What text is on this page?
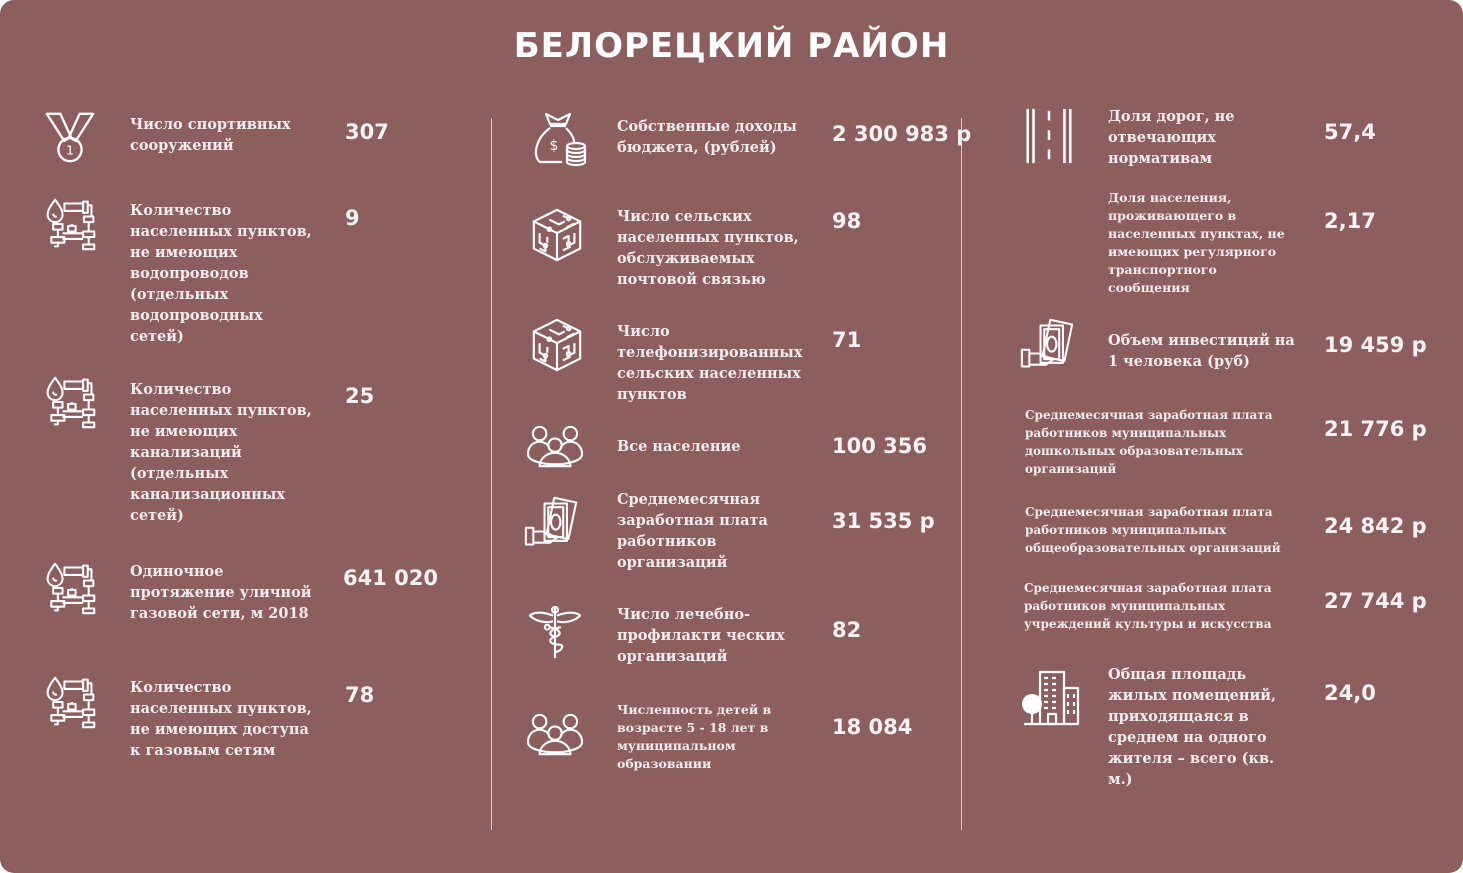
БЕЛОРЕЦКИЙ РАЙОН
Число спортивных сооружений
307
Количество населенных пунктов, не имеющих водопроводов (отдельных водопроводных сетей)
9
Количество населенных пунктов, не имеющих канализаций (отдельных канализационных сетей)
25
Одиночное протяжение уличной газовой сети, м 2018
641 020
Количество населенных пунктов, не имеющих доступа к газовым сетям
78
Собственные доходы бюджета, (рублей)
2 300 983 р
Число сельских населенных пунктов, обслуживаемых почтовой связью
98
Число телефонизированных сельских населенных пунктов
71
Все население	100 356
Среднемесячная заработная плата работников организаций
31 535 р
Число лечебно-профилакти ческих организаций
82
Численность детей в возрасте 5 - 18 лет в муниципальном образовании
18 084
Доля дорог, не отвечающих нормативам
57,4
Доля населения, проживающего в населенных пунктах, не имеющих регулярного транспортного сообщения
2,17
Объем инвестиций на 1 человека (руб)
19 459 р
Среднемесячная заработная плата работников муниципальных дошкольных образовательных организаций
21 776 р
Среднемесячная заработная плата работников муниципальных общеобразовательных организаций
24 842 р
Среднемесячная заработная плата работников муниципальных учреждений культуры и искусства
27 744 р
Общая площадь жилых помещений, приходящаяся в среднем на одного жителя – всего (кв. м.)
24,0
